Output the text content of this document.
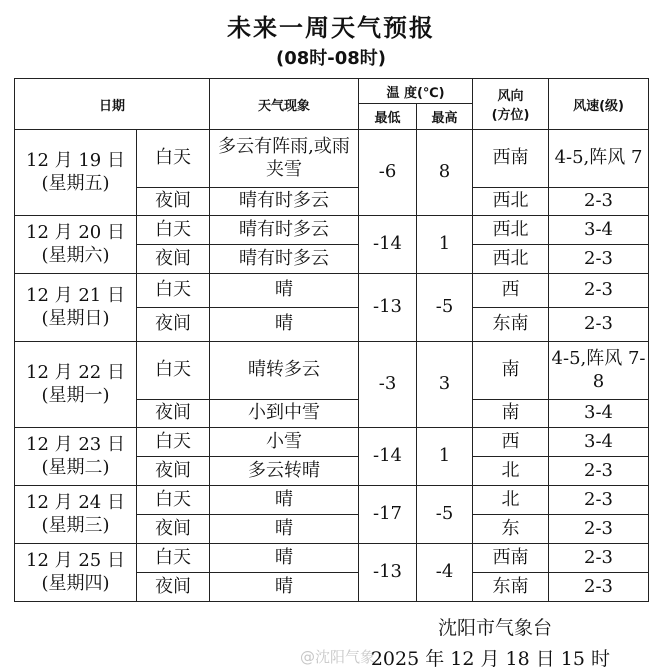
未来一周天气预报
(08时-08时)
日期		天气现象	温 度(℃)		风向
(方位)	风速(级)
			最低	最高		
12 月 19 日
(星期五)	白天	多云有阵雨,或雨夹雪	-6	8	西南	4-5,阵风 7
	夜间	晴有时多云			西北	2-3
12 月 20 日
(星期六)	白天	晴有时多云	-14	1	西北	3-4
	夜间	晴有时多云			西北	2-3
12 月 21 日
(星期日)	白天	晴	-13	-5	西	2-3
	夜间	晴			东南	2-3
12 月 22 日
(星期一)	白天	晴转多云	-3	3	南	4-5,阵风 7-8
	夜间	小到中雪			南	3-4
12 月 23 日
(星期二)	白天	小雪	-14	1	西	3-4
	夜间	多云转晴			北	2-3
12 月 24 日
(星期三)	白天	晴	-17	-5	北	2-3
	夜间	晴			东	2-3
12 月 25 日
(星期四)	白天	晴	-13	-4	西南	2-3
	夜间	晴			东南	2-3
沈阳市气象台
@沈阳气象
2025 年 12 月 18 日 15 时
